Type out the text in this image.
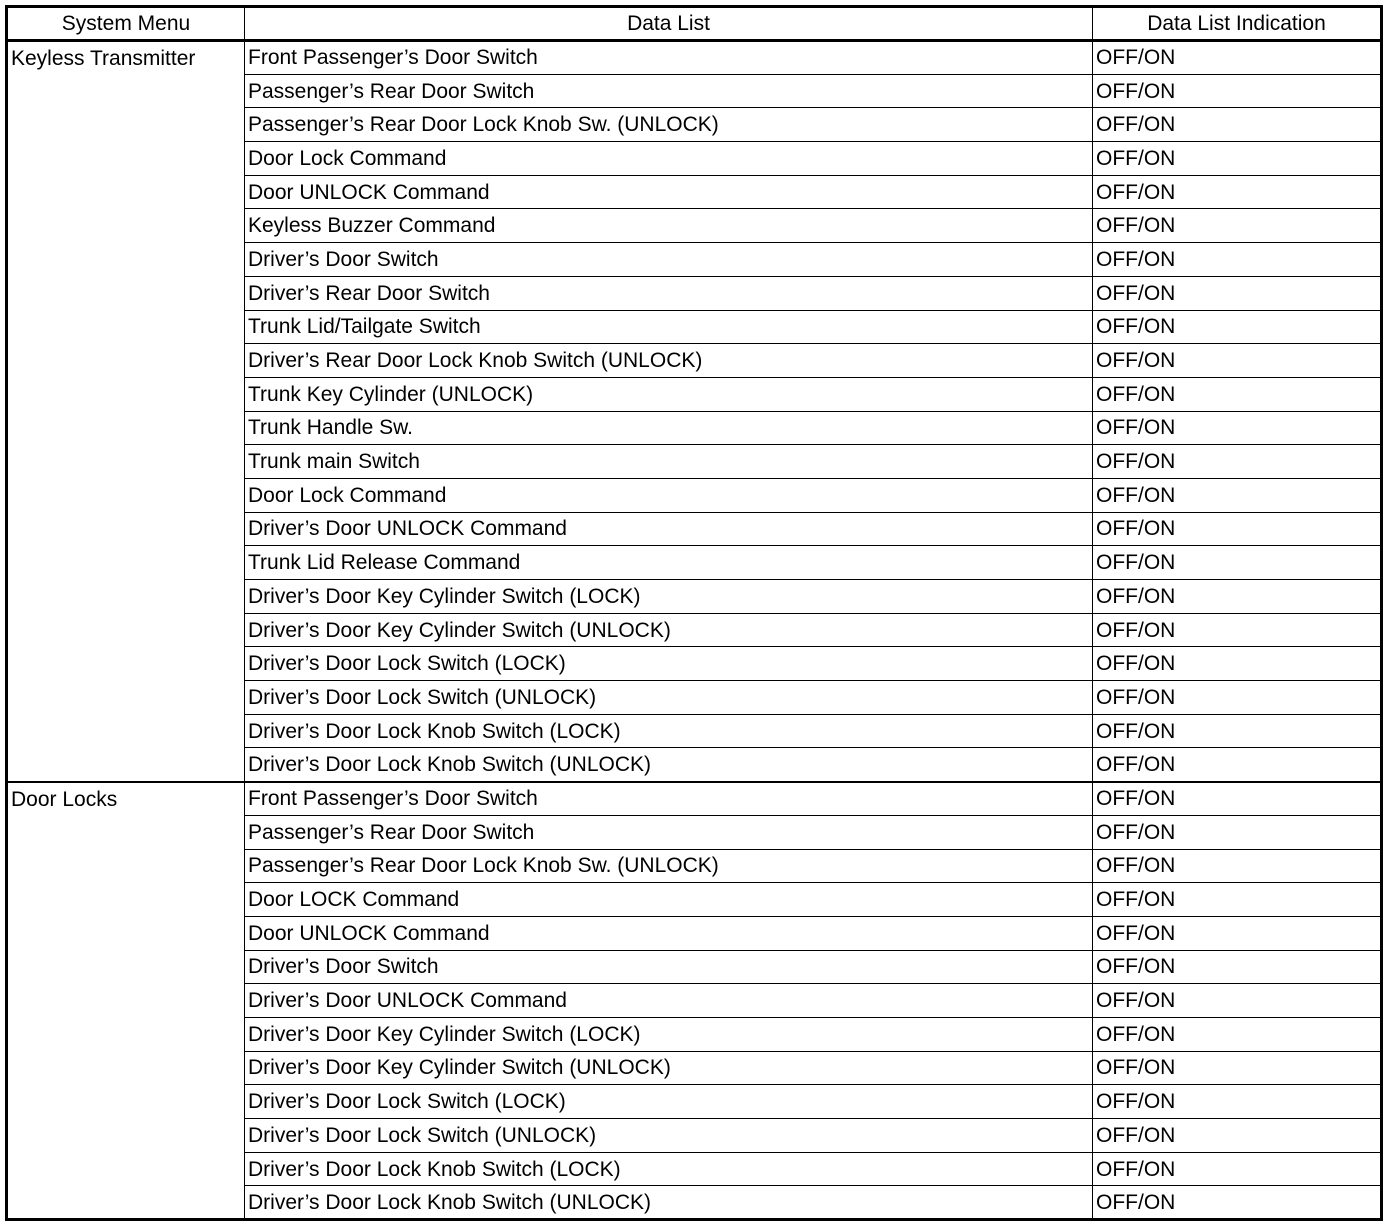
System Menu	Data List	Data List Indication
Keyless Transmitter	Front Passenger’s Door Switch	OFF/ON
	Passenger’s Rear Door Switch	OFF/ON
	Passenger’s Rear Door Lock Knob Sw. (UNLOCK)	OFF/ON
	Door Lock Command	OFF/ON
	Door UNLOCK Command	OFF/ON
	Keyless Buzzer Command	OFF/ON
	Driver’s Door Switch	OFF/ON
	Driver’s Rear Door Switch	OFF/ON
	Trunk Lid/Tailgate Switch	OFF/ON
	Driver’s Rear Door Lock Knob Switch (UNLOCK)	OFF/ON
	Trunk Key Cylinder (UNLOCK)	OFF/ON
	Trunk Handle Sw.	OFF/ON
	Trunk main Switch	OFF/ON
	Door Lock Command	OFF/ON
	Driver’s Door UNLOCK Command	OFF/ON
	Trunk Lid Release Command	OFF/ON
	Driver’s Door Key Cylinder Switch (LOCK)	OFF/ON
	Driver’s Door Key Cylinder Switch (UNLOCK)	OFF/ON
	Driver’s Door Lock Switch (LOCK)	OFF/ON
	Driver’s Door Lock Switch (UNLOCK)	OFF/ON
	Driver’s Door Lock Knob Switch (LOCK)	OFF/ON
	Driver’s Door Lock Knob Switch (UNLOCK)	OFF/ON
Door Locks	Front Passenger’s Door Switch	OFF/ON
	Passenger’s Rear Door Switch	OFF/ON
	Passenger’s Rear Door Lock Knob Sw. (UNLOCK)	OFF/ON
	Door LOCK Command	OFF/ON
	Door UNLOCK Command	OFF/ON
	Driver’s Door Switch	OFF/ON
	Driver’s Door UNLOCK Command	OFF/ON
	Driver’s Door Key Cylinder Switch (LOCK)	OFF/ON
	Driver’s Door Key Cylinder Switch (UNLOCK)	OFF/ON
	Driver’s Door Lock Switch (LOCK)	OFF/ON
	Driver’s Door Lock Switch (UNLOCK)	OFF/ON
	Driver’s Door Lock Knob Switch (LOCK)	OFF/ON
	Driver’s Door Lock Knob Switch (UNLOCK)	OFF/ON
